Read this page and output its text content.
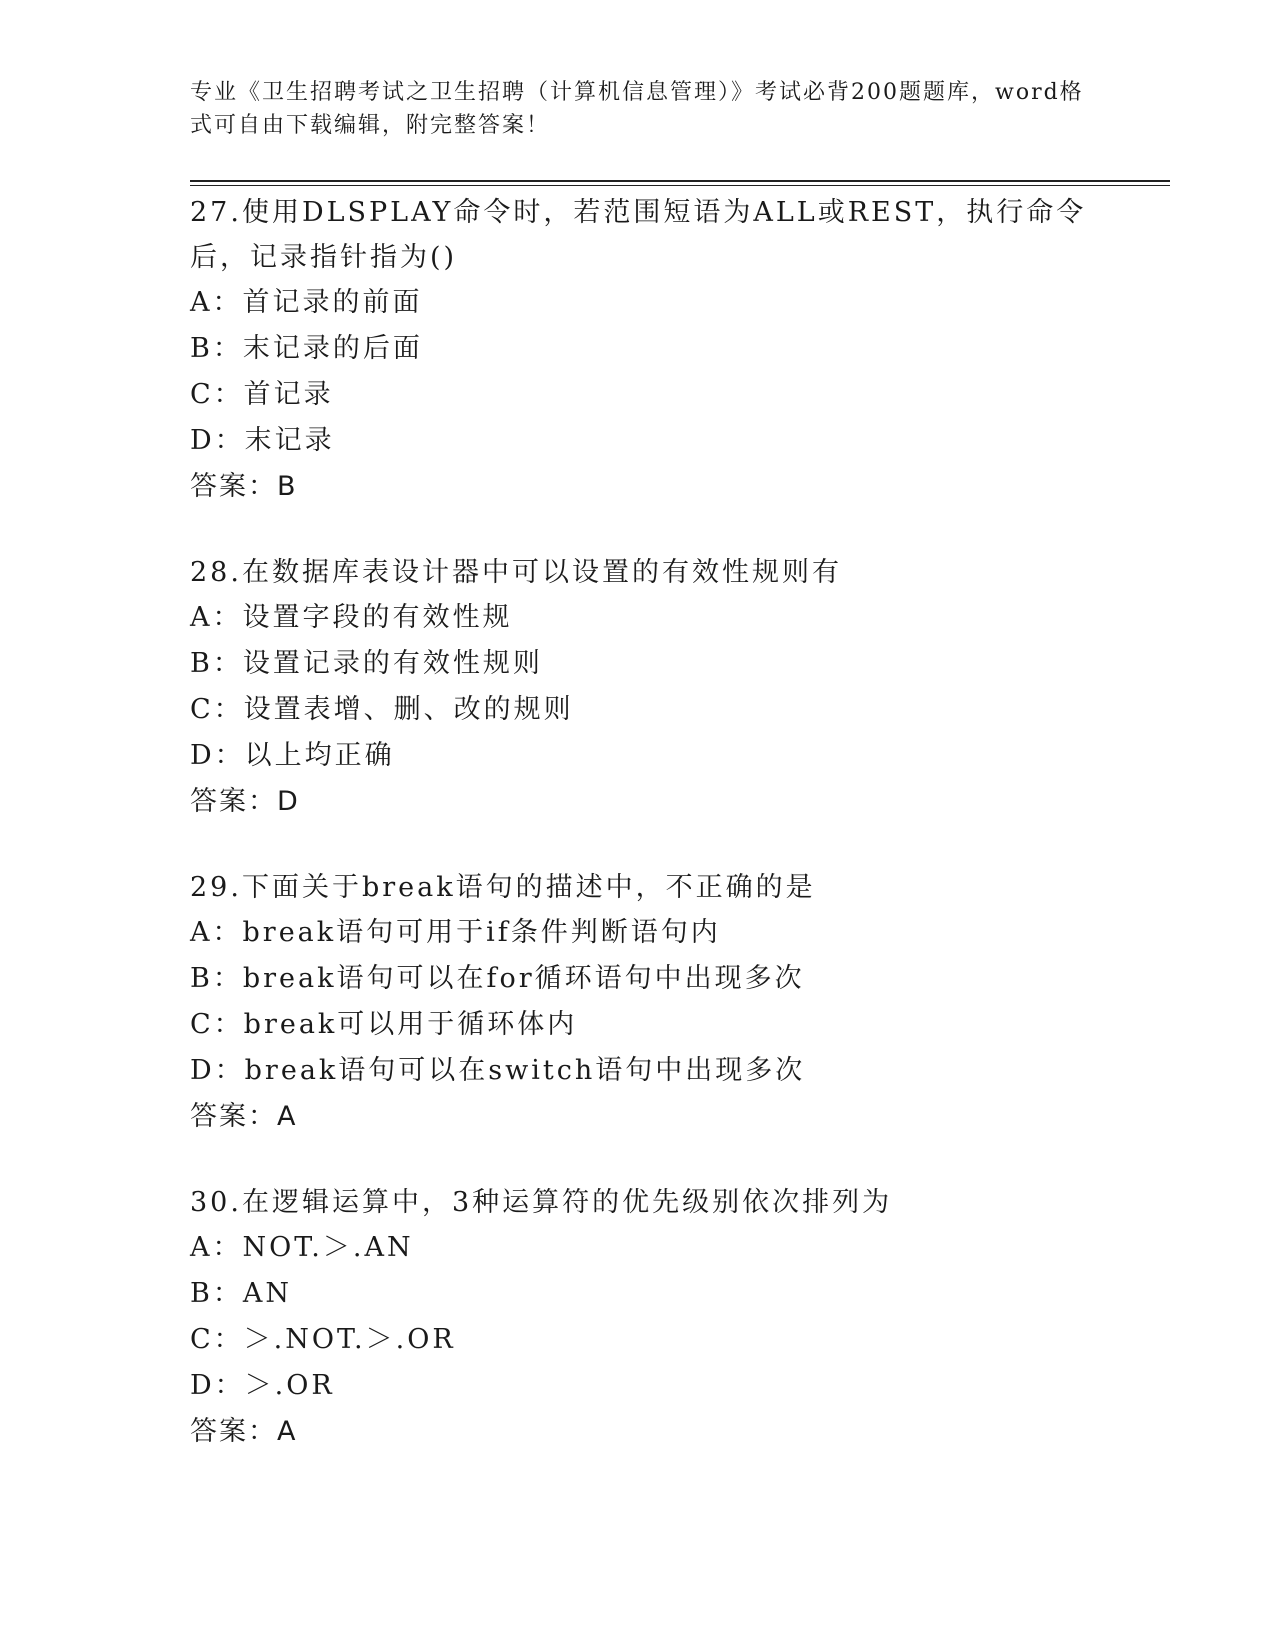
专业《卫生招聘考试之卫生招聘（计算机信息管理）》考试必背200题题库，word格式可自由下载编辑，附完整答案！

27.使用DLSPLAY命令时，若范围短语为ALL或REST，执行命令后，记录指针指为()

A：首记录的前面

B：末记录的后面

C：首记录

D：末记录

答案：B

28.在数据库表设计器中可以设置的有效性规则有

A：设置字段的有效性规

B：设置记录的有效性规则

C：设置表增、删、改的规则

D：以上均正确

答案：D

29.下面关于break语句的描述中，不正确的是

A：break语句可用于if条件判断语句内

B：break语句可以在for循环语句中出现多次

C：break可以用于循环体内

D：break语句可以在switch语句中出现多次

答案：A

30.在逻辑运算中，3种运算符的优先级别依次排列为

A：NOT.＞.AN

B：AN

C：＞.NOT.＞.OR

D：＞.OR

答案：A
